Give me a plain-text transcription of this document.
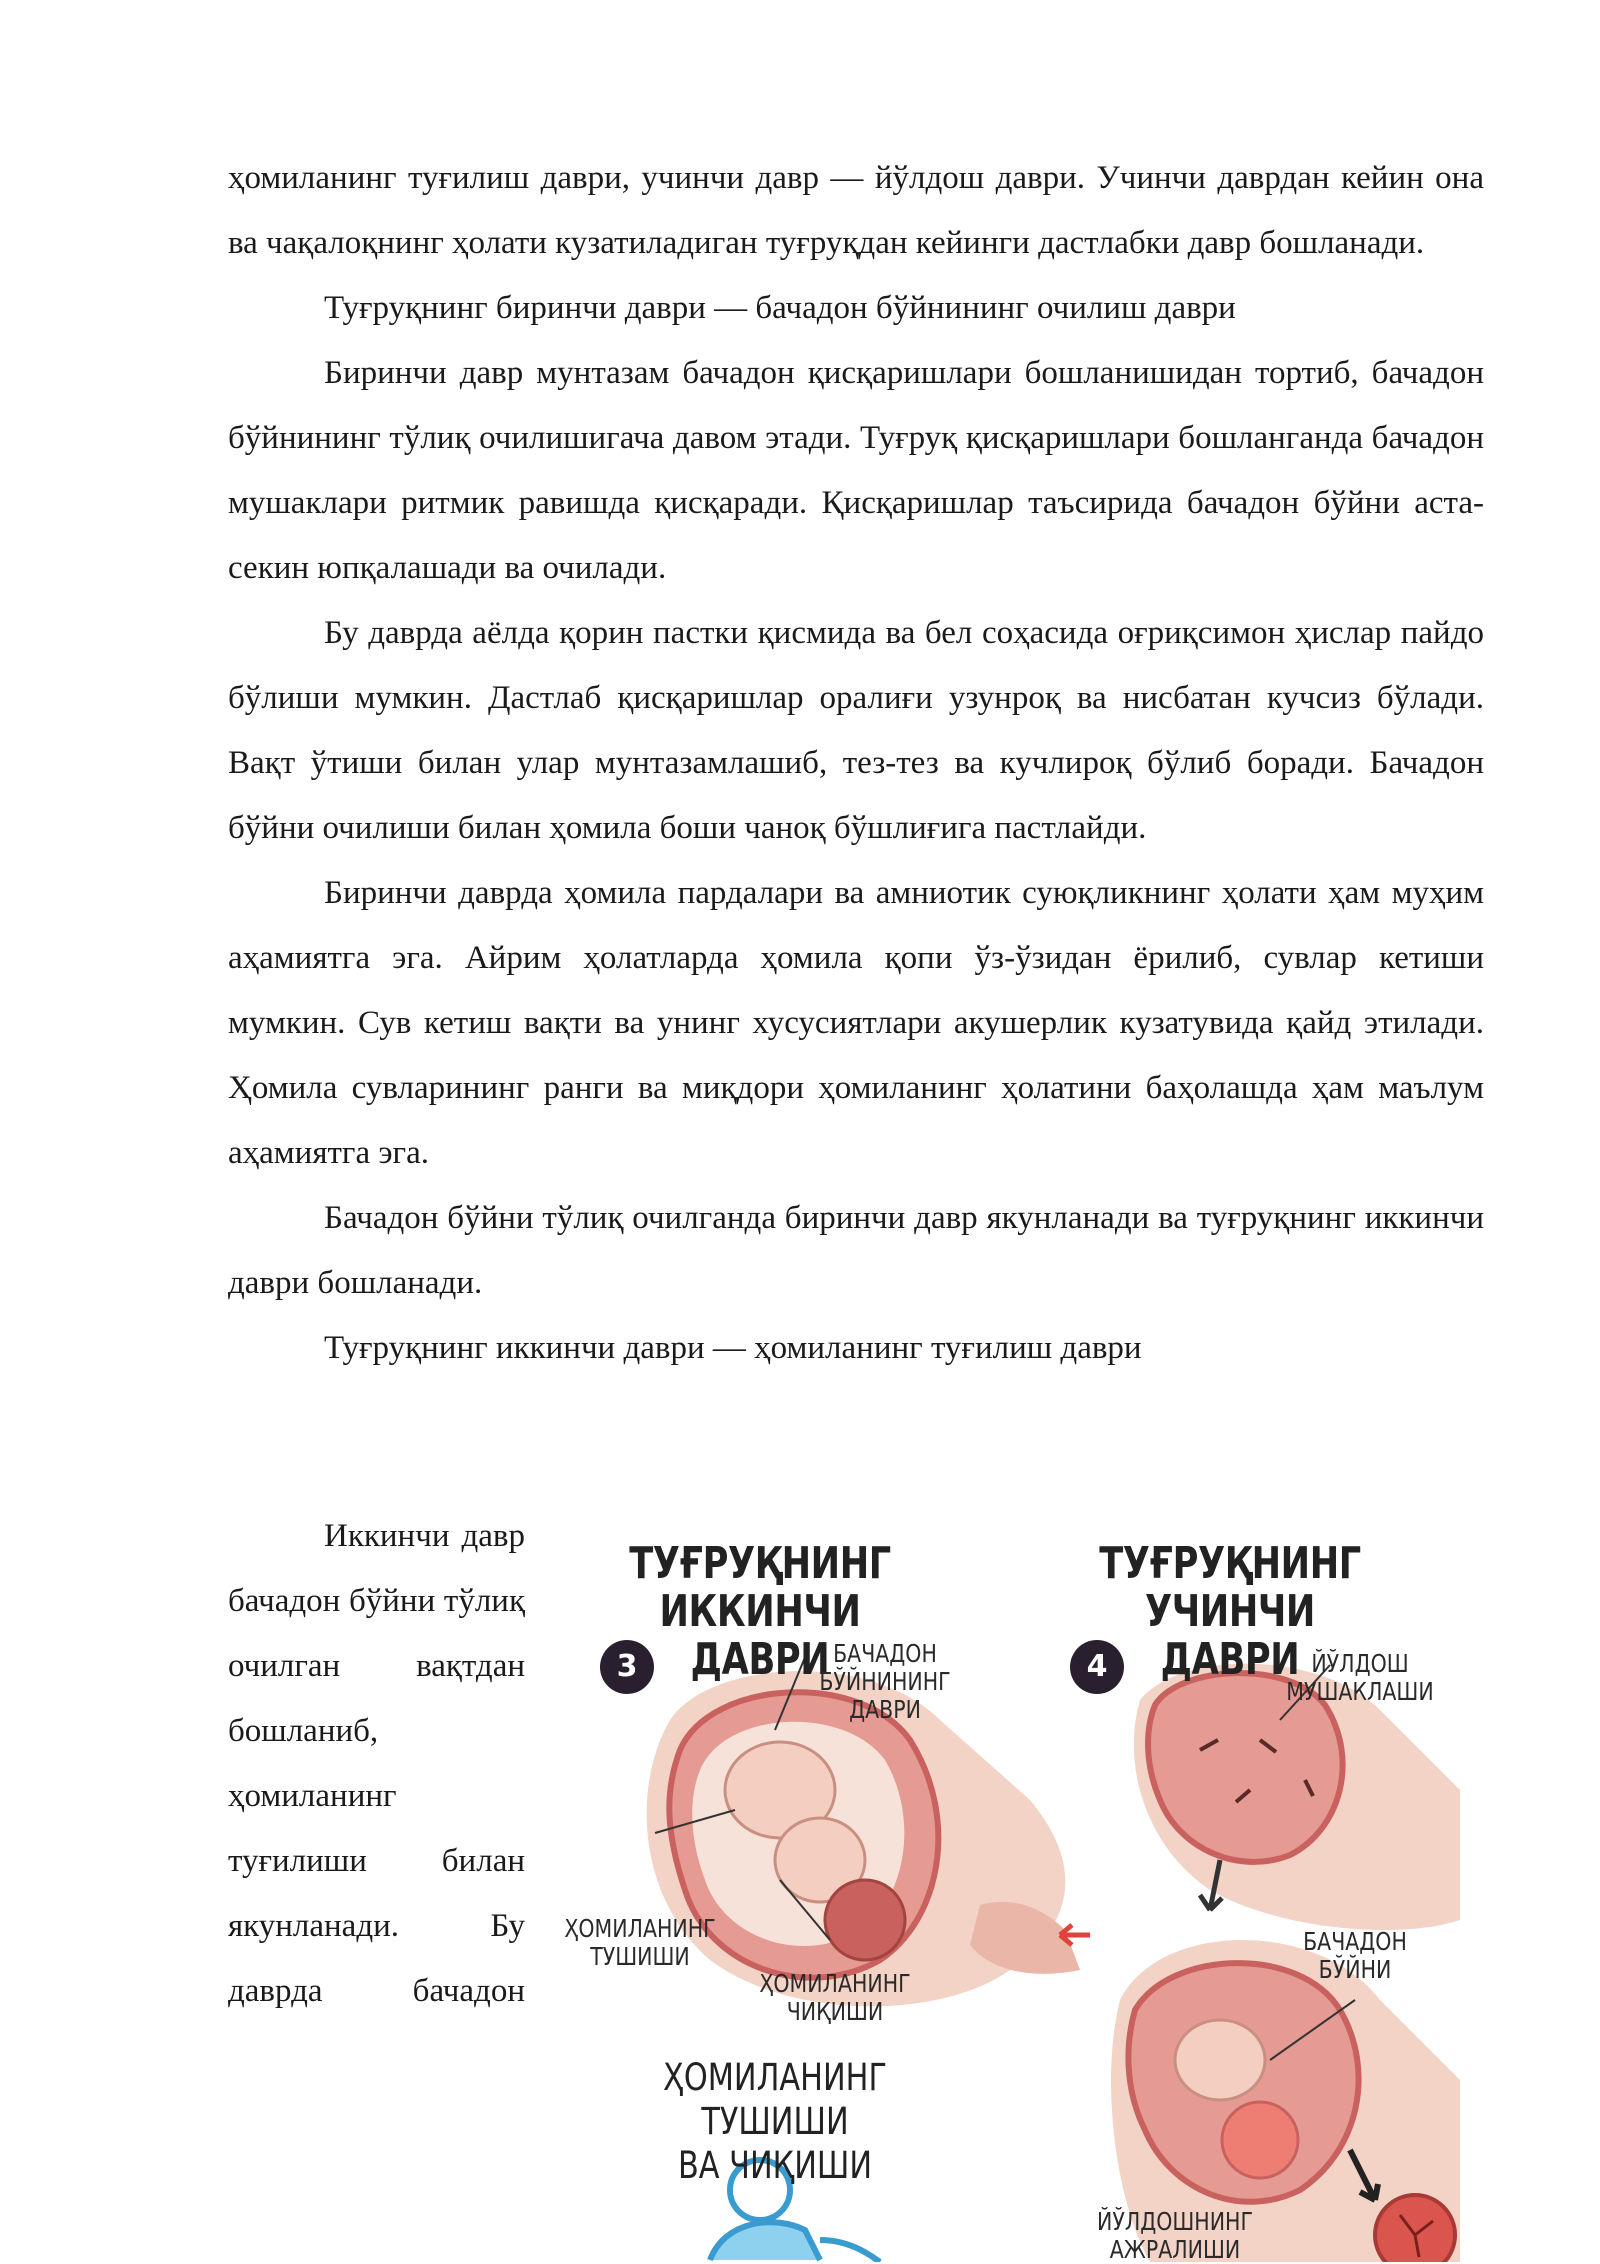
ҳомиланинг туғилиш даври, учинчи давр — йўлдош даври. Учинчи даврдан кейин она ва чақалоқнинг ҳолати кузатиладиган туғруқдан кейинги дастлабки давр бошланади.

Туғруқнинг биринчи даври — бачадон бўйнининг очилиш даври

Биринчи давр мунтазам бачадон қисқаришлари бошланишидан тортиб, бачадон бўйнининг тўлиқ очилишигача давом этади. Туғруқ қисқаришлари бошланганда бачадон мушаклари ритмик равишда қисқаради. Қисқаришлар таъсирида бачадон бўйни аста-секин юпқалашади ва очилади.

Бу даврда аёлда қорин пастки қисмида ва бел соҳасида оғриқсимон ҳислар пайдо бўлиши мумкин. Дастлаб қисқаришлар оралиғи узунроқ ва нисбатан кучсиз бўлади. Вақт ўтиши билан улар мунтазамлашиб, тез-тез ва кучлироқ бўлиб боради. Бачадон бўйни очилиши билан ҳомила боши чаноқ бўшлиғига пастлайди.

Биринчи даврда ҳомила пардалари ва амниотик суюқликнинг ҳолати ҳам муҳим аҳамиятга эга. Айрим ҳолатларда ҳомила қопи ўз-ўзидан ёрилиб, сувлар кетиши мумкин. Сув кетиш вақти ва унинг хусусиятлари акушерлик кузатувида қайд этилади. Ҳомила сувларининг ранги ва миқдори ҳомиланинг ҳолатини баҳолашда ҳам маълум аҳамиятга эга.

Бачадон бўйни тўлиқ очилганда биринчи давр якунланади ва туғруқнинг иккинчи даври бошланади.

Туғруқнинг иккинчи даври — ҳомиланинг туғилиш даври

Иккинчи давр бачадон бўйни тўлиқ очилган вақтдан бошланиб, ҳомиланинг туғилиши билан якунланади. Бу даврда бачадон

ТУҒРУҚНИНГ
ИККИНЧИ ДАВРИ
3	БАЧАДОН
БЎЙНИНИНГ
ДАВРИ
ҲОМИЛАНИНГ
ТУШИШИ
ҲОМИЛАНИНГ
ЧИҚИШИ
ҲОМИЛАНИНГ ТУШИШИ
ВА ЧИҚИШИ
ТУҒРУҚНИНГ
УЧИНЧИ ДАВРИ
4	ЙЎЛДОШ
МУШАКЛАШИ
БАЧАДОН
БЎЙНИ
ЙЎЛДОШНИНГ
АЖРАЛИШИ
